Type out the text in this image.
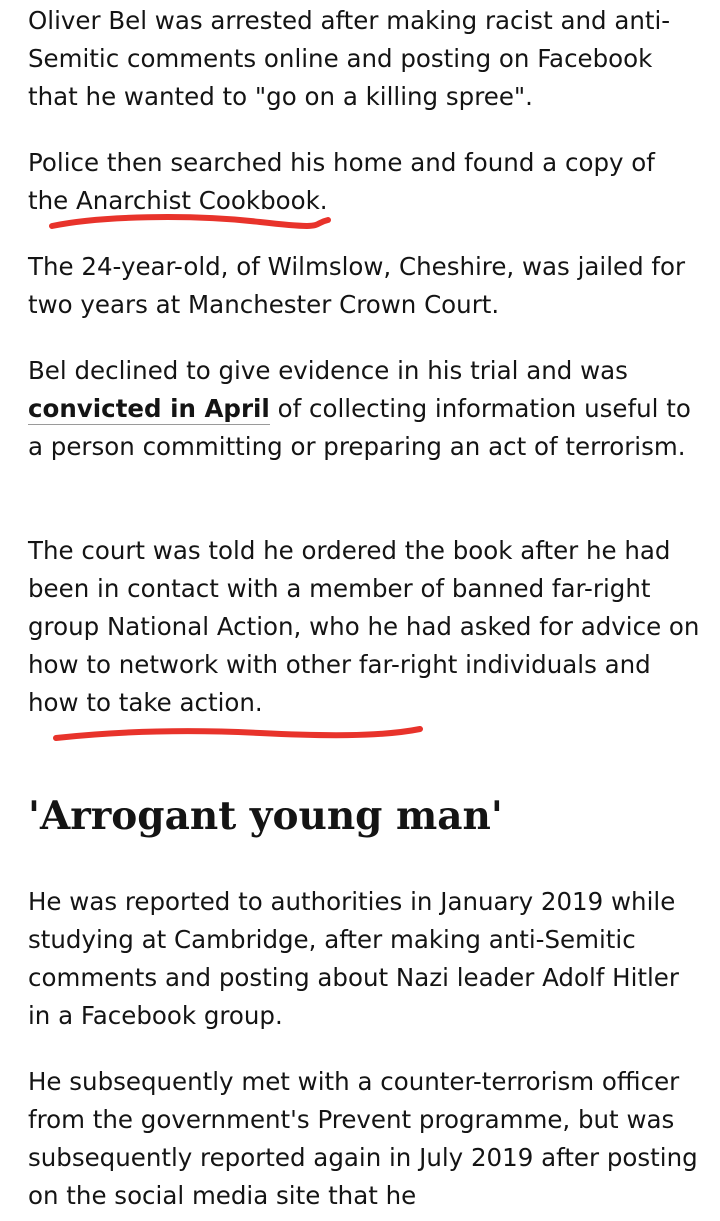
Oliver Bel was arrested after making racist and anti-Semitic comments online and posting on Facebook that he wanted to "go on a killing spree".

Police then searched his home and found a copy of the Anarchist Cookbook.

The 24-year-old, of Wilmslow, Cheshire, was jailed for two years at Manchester Crown Court.

Bel declined to give evidence in his trial and was convicted in April of collecting information useful to a person committing or preparing an act of terrorism.

The court was told he ordered the book after he had been in contact with a member of banned far-right group National Action, who he had asked for advice on how to network with other far-right individuals and how to take action.

'Arrogant young man'

He was reported to authorities in January 2019 while studying at Cambridge, after making anti-Semitic comments and posting about Nazi leader Adolf Hitler in a Facebook group.

He subsequently met with a counter-terrorism officer from the government's Prevent programme, but was subsequently reported again in July 2019 after posting on the social media site that he
